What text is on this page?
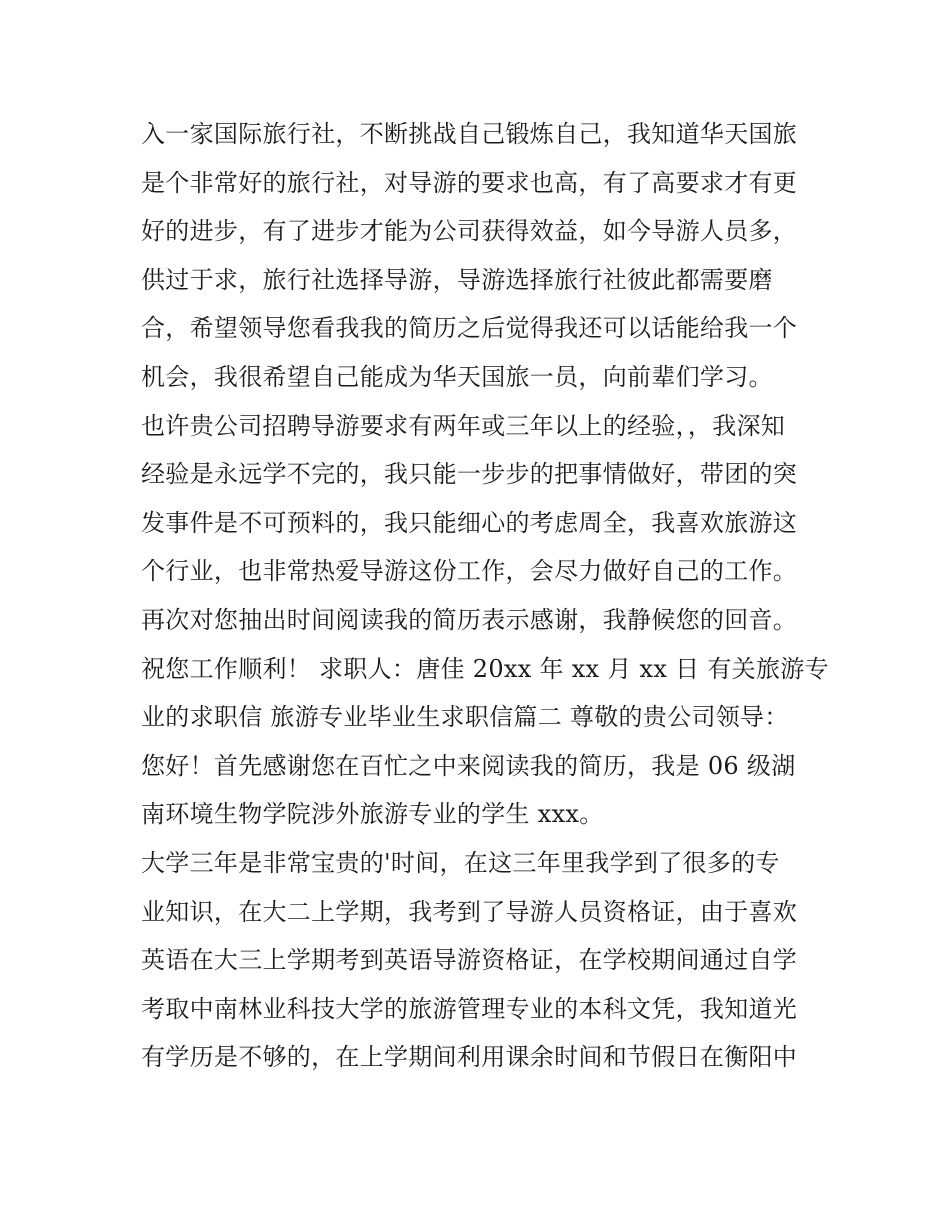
入一家国际旅行社，不断挑战自己锻炼自己，我知道华天国旅
是个非常好的旅行社，对导游的要求也高，有了高要求才有更
好的进步，有了进步才能为公司获得效益，如今导游人员多，
供过于求，旅行社选择导游，导游选择旅行社彼此都需要磨
合，希望领导您看我我的简历之后觉得我还可以话能给我一个
机会，我很希望自己能成为华天国旅一员，向前辈们学习。
也许贵公司招聘导游要求有两年或三年以上的经验，，我深知
经验是永远学不完的，我只能一步步的把事情做好，带团的突
发事件是不可预料的，我只能细心的考虑周全，我喜欢旅游这
个行业，也非常热爱导游这份工作，会尽力做好自己的工作。
再次对您抽出时间阅读我的简历表示感谢，我静候您的回音。
祝您工作顺利！ 求职人：唐佳 20xx 年 xx 月 xx 日 有关旅游专
业的求职信 旅游专业毕业生求职信篇二 尊敬的贵公司领导：
您好！首先感谢您在百忙之中来阅读我的简历，我是 06 级湖
南环境生物学院涉外旅游专业的学生 xxx。
大学三年是非常宝贵的'时间，在这三年里我学到了很多的专
业知识，在大二上学期，我考到了导游人员资格证，由于喜欢
英语在大三上学期考到英语导游资格证，在学校期间通过自学
考取中南林业科技大学的旅游管理专业的本科文凭，我知道光
有学历是不够的，在上学期间利用课余时间和节假日在衡阳中
